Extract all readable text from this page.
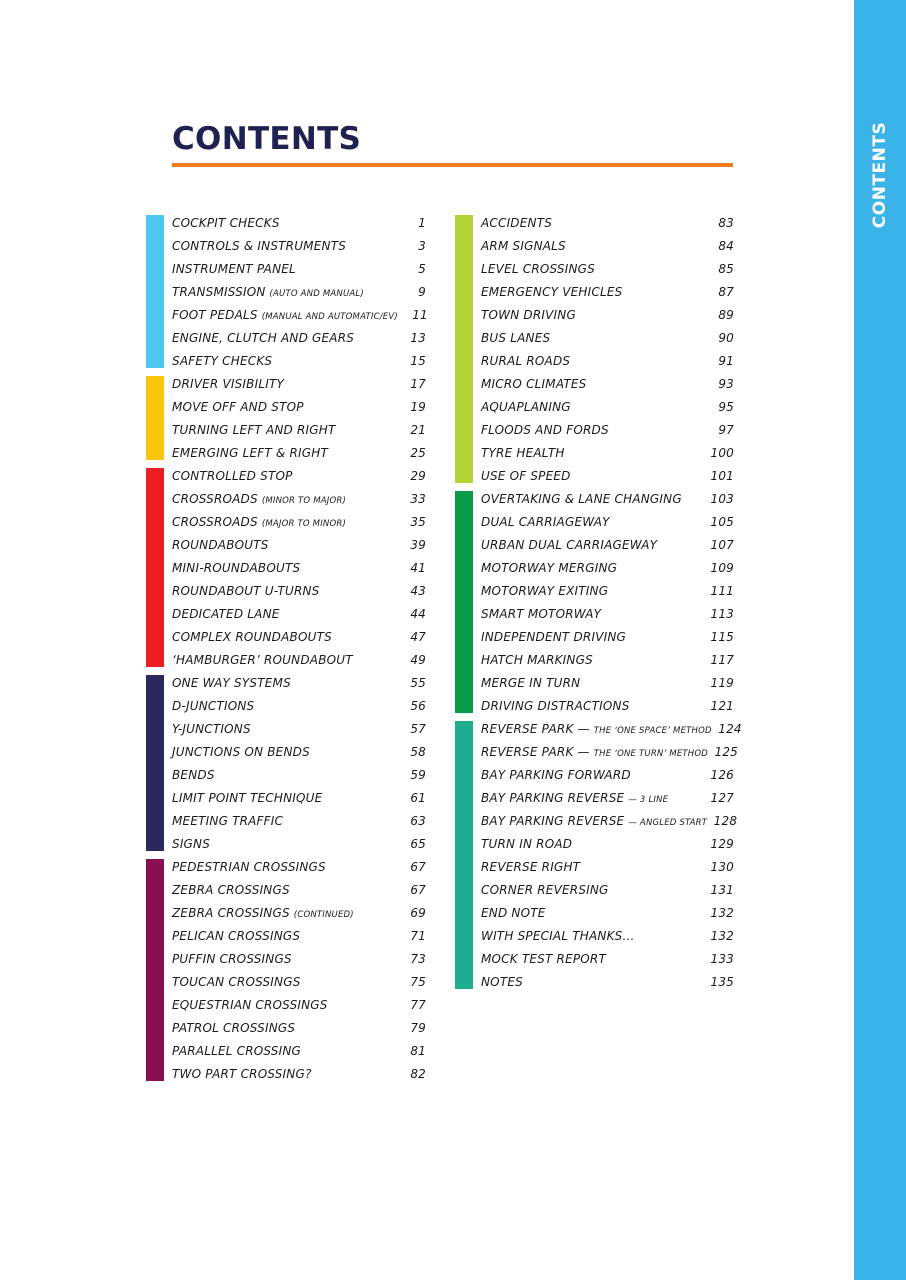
CONTENTS
CONTENTS
COCKPIT CHECKS	1
CONTROLS & INSTRUMENTS	3
INSTRUMENT PANEL	5
TRANSMISSION (AUTO AND MANUAL)	9
FOOT PEDALS (MANUAL AND AUTOMATIC/EV)	11
ENGINE, CLUTCH AND GEARS	13
SAFETY CHECKS	15
DRIVER VISIBILITY	17
MOVE OFF AND STOP	19
TURNING LEFT AND RIGHT	21
EMERGING LEFT & RIGHT	25
CONTROLLED STOP	29
CROSSROADS (MINOR TO MAJOR)	33
CROSSROADS (MAJOR TO MINOR)	35
ROUNDABOUTS	39
MINI-ROUNDABOUTS	41
ROUNDABOUT U-TURNS	43
DEDICATED LANE	44
COMPLEX ROUNDABOUTS	47
‘HAMBURGER’ ROUNDABOUT	49
ONE WAY SYSTEMS	55
D-JUNCTIONS	56
Y-JUNCTIONS	57
JUNCTIONS ON BENDS	58
BENDS	59
LIMIT POINT TECHNIQUE	61
MEETING TRAFFIC	63
SIGNS	65
PEDESTRIAN CROSSINGS	67
ZEBRA CROSSINGS	67
ZEBRA CROSSINGS (CONTINUED)	69
PELICAN CROSSINGS	71
PUFFIN CROSSINGS	73
TOUCAN CROSSINGS	75
EQUESTRIAN CROSSINGS	77
PATROL CROSSINGS	79
PARALLEL CROSSING	81
TWO PART CROSSING?	82
ACCIDENTS	83
ARM SIGNALS	84
LEVEL CROSSINGS	85
EMERGENCY VEHICLES	87
TOWN DRIVING	89
BUS LANES	90
RURAL ROADS	91
MICRO CLIMATES	93
AQUAPLANING	95
FLOODS AND FORDS	97
TYRE HEALTH	100
USE OF SPEED	101
OVERTAKING & LANE CHANGING	103
DUAL CARRIAGEWAY	105
URBAN DUAL CARRIAGEWAY	107
MOTORWAY MERGING	109
MOTORWAY EXITING	111
SMART MOTORWAY	113
INDEPENDENT DRIVING	115
HATCH MARKINGS	117
MERGE IN TURN	119
DRIVING DISTRACTIONS	121
REVERSE PARK — THE ‘ONE SPACE’ METHOD 124
REVERSE PARK — THE ‘ONE TURN’ METHOD 125
BAY PARKING FORWARD	126
BAY PARKING REVERSE — 3 LINE	127
BAY PARKING REVERSE — ANGLED START 128
TURN IN ROAD	129
REVERSE RIGHT	130
CORNER REVERSING	131
END NOTE	132
WITH SPECIAL THANKS...	132
MOCK TEST REPORT	133
NOTES	135
